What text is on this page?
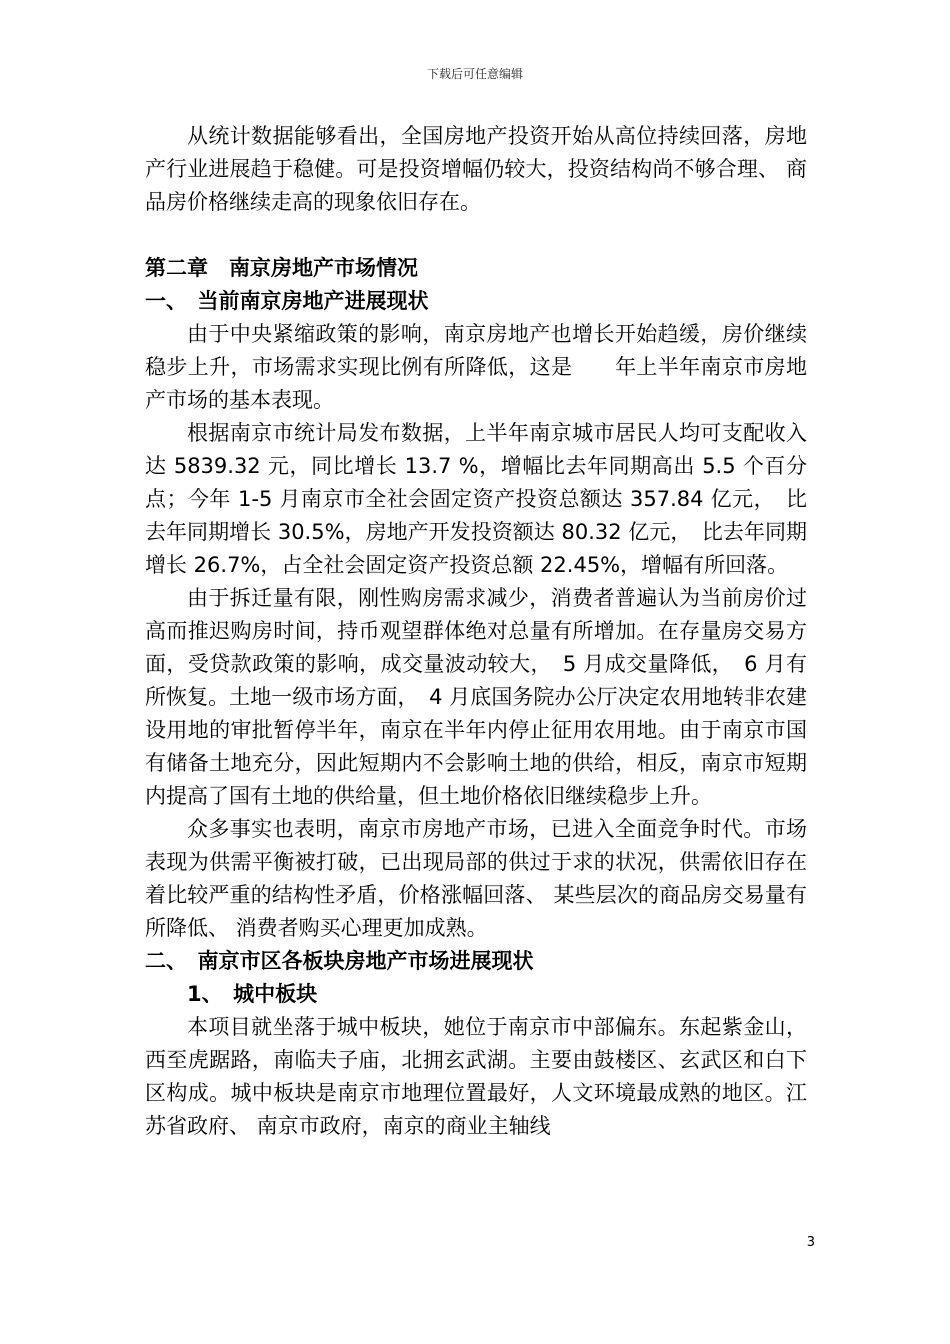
下载后可任意编辑

从统计数据能够看出，全国房地产投资开始从高位持续回落，房地产行业进展趋于稳健。可是投资增幅仍较大，投资结构尚不够合理、 商品房价格继续走高的现象依旧存在。

第二章　南京房地产市场情况
一、　当前南京房地产进展现状

由于中央紧缩政策的影响，南京房地产也增长开始趋缓，房价继续稳步上升，市场需求实现比例有所降低，这是　　年上半年南京市房地产市场的基本表现。

根据南京市统计局发布数据，上半年南京城市居民人均可支配收入达 5839.32 元，同比增长 13.7 %，增幅比去年同期高出 5.5 个百分点；今年 1-5 月南京市全社会固定资产投资总额达 357.84 亿元，　比去年同期增长 30.5%，房地产开发投资额达 80.32 亿元，　比去年同期增长 26.7%，占全社会固定资产投资总额 22.45%，增幅有所回落。

由于拆迁量有限，刚性购房需求减少，消费者普遍认为当前房价过高而推迟购房时间，持币观望群体绝对总量有所增加。在存量房交易方面，受贷款政策的影响，成交量波动较大，　5 月成交量降低，　6 月有所恢复。土地一级市场方面，　4 月底国务院办公厅决定农用地转非农建设用地的审批暂停半年，南京在半年内停止征用农用地。由于南京市国有储备土地充分，因此短期内不会影响土地的供给，相反，南京市短期内提高了国有土地的供给量，但土地价格依旧继续稳步上升。

众多事实也表明，南京市房地产市场，已进入全面竞争时代。市场表现为供需平衡被打破，已出现局部的供过于求的状况，供需依旧存在着比较严重的结构性矛盾，价格涨幅回落、 某些层次的商品房交易量有所降低、 消费者购买心理更加成熟。

二、　南京市区各板块房地产市场进展现状
1、　城中板块

本项目就坐落于城中板块，她位于南京市中部偏东。东起紫金山，西至虎踞路，南临夫子庙，北拥玄武湖。主要由鼓楼区、玄武区和白下区构成。城中板块是南京市地理位置最好，人文环境最成熟的地区。江苏省政府、 南京市政府，南京的商业主轴线

3
